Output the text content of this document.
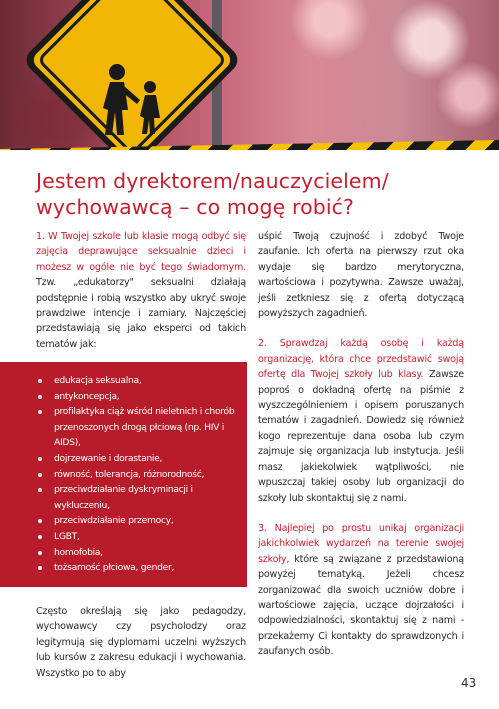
Jestem dyrektorem/nauczycielem/ wychowawcą – co mogę robić?

1. W Twojej szkole lub klasie mogą odbyć się zajęcia deprawujące seksualnie dzieci i możesz w ogóle nie być tego świadomym. Tzw. „edukatorzy" seksualni działają podstępnie i robią wszystko aby ukryć swoje prawdziwe intencje i zamiary. Najczęściej przedstawiają się jako eksperci od takich tematów jak:

edukacja seksualna,
antykoncepcja,
profilaktyka ciąż wśród nieletnich i chorób przenoszonych drogą płciową (np. HIV i AIDS),
dojrzewanie i dorastanie,
równość, tolerancja, różnorodność,
przeciwdziałanie dyskryminacji i wykluczeniu,
przeciwdziałanie przemocy,
LGBT,
homofobia,
tożsamość płciowa, gender,

Często określają się jako pedagodzy, wychowawcy czy psycholodzy oraz legitymują się dyplomami uczelni wyższych lub kursów z zakresu edukacji i wychowania. Wszystko po to aby

uśpić Twoją czujność i zdobyć Twoje zaufanie. Ich oferta na pierwszy rzut oka wydaje się bardzo merytoryczna, wartościowa i pozytywna. Zawsze uważaj, jeśli zetkniesz się z ofertą dotyczącą powyższych zagadnień.

2. Sprawdzaj każdą osobę i każdą organizację, która chce przedstawić swoją ofertę dla Twojej szkoły lub klasy. Zawsze poproś o dokładną ofertę na piśmie z wyszczególnieniem i opisem poruszanych tematów i zagadnień. Dowiedz się również kogo reprezentuje dana osoba lub czym zajmuje się organizacja lub instytucja. Jeśli masz jakiekolwiek wątpliwości, nie wpuszczaj takiej osoby lub organizacji do szkoły lub skontaktuj się z nami.

3. Najlepiej po prostu unikaj organizacji jakichkolwiek wydarzeń na terenie swojej szkoły, które są związane z przedstawioną powyżej tematyką. Jeżeli chcesz zorganizować dla swoich uczniów dobre i wartościowe zajęcia, uczące dojrzałości i odpowiedzialności, skontaktuj się z nami - przekażemy Ci kontakty do sprawdzonych i zaufanych osób.

43
